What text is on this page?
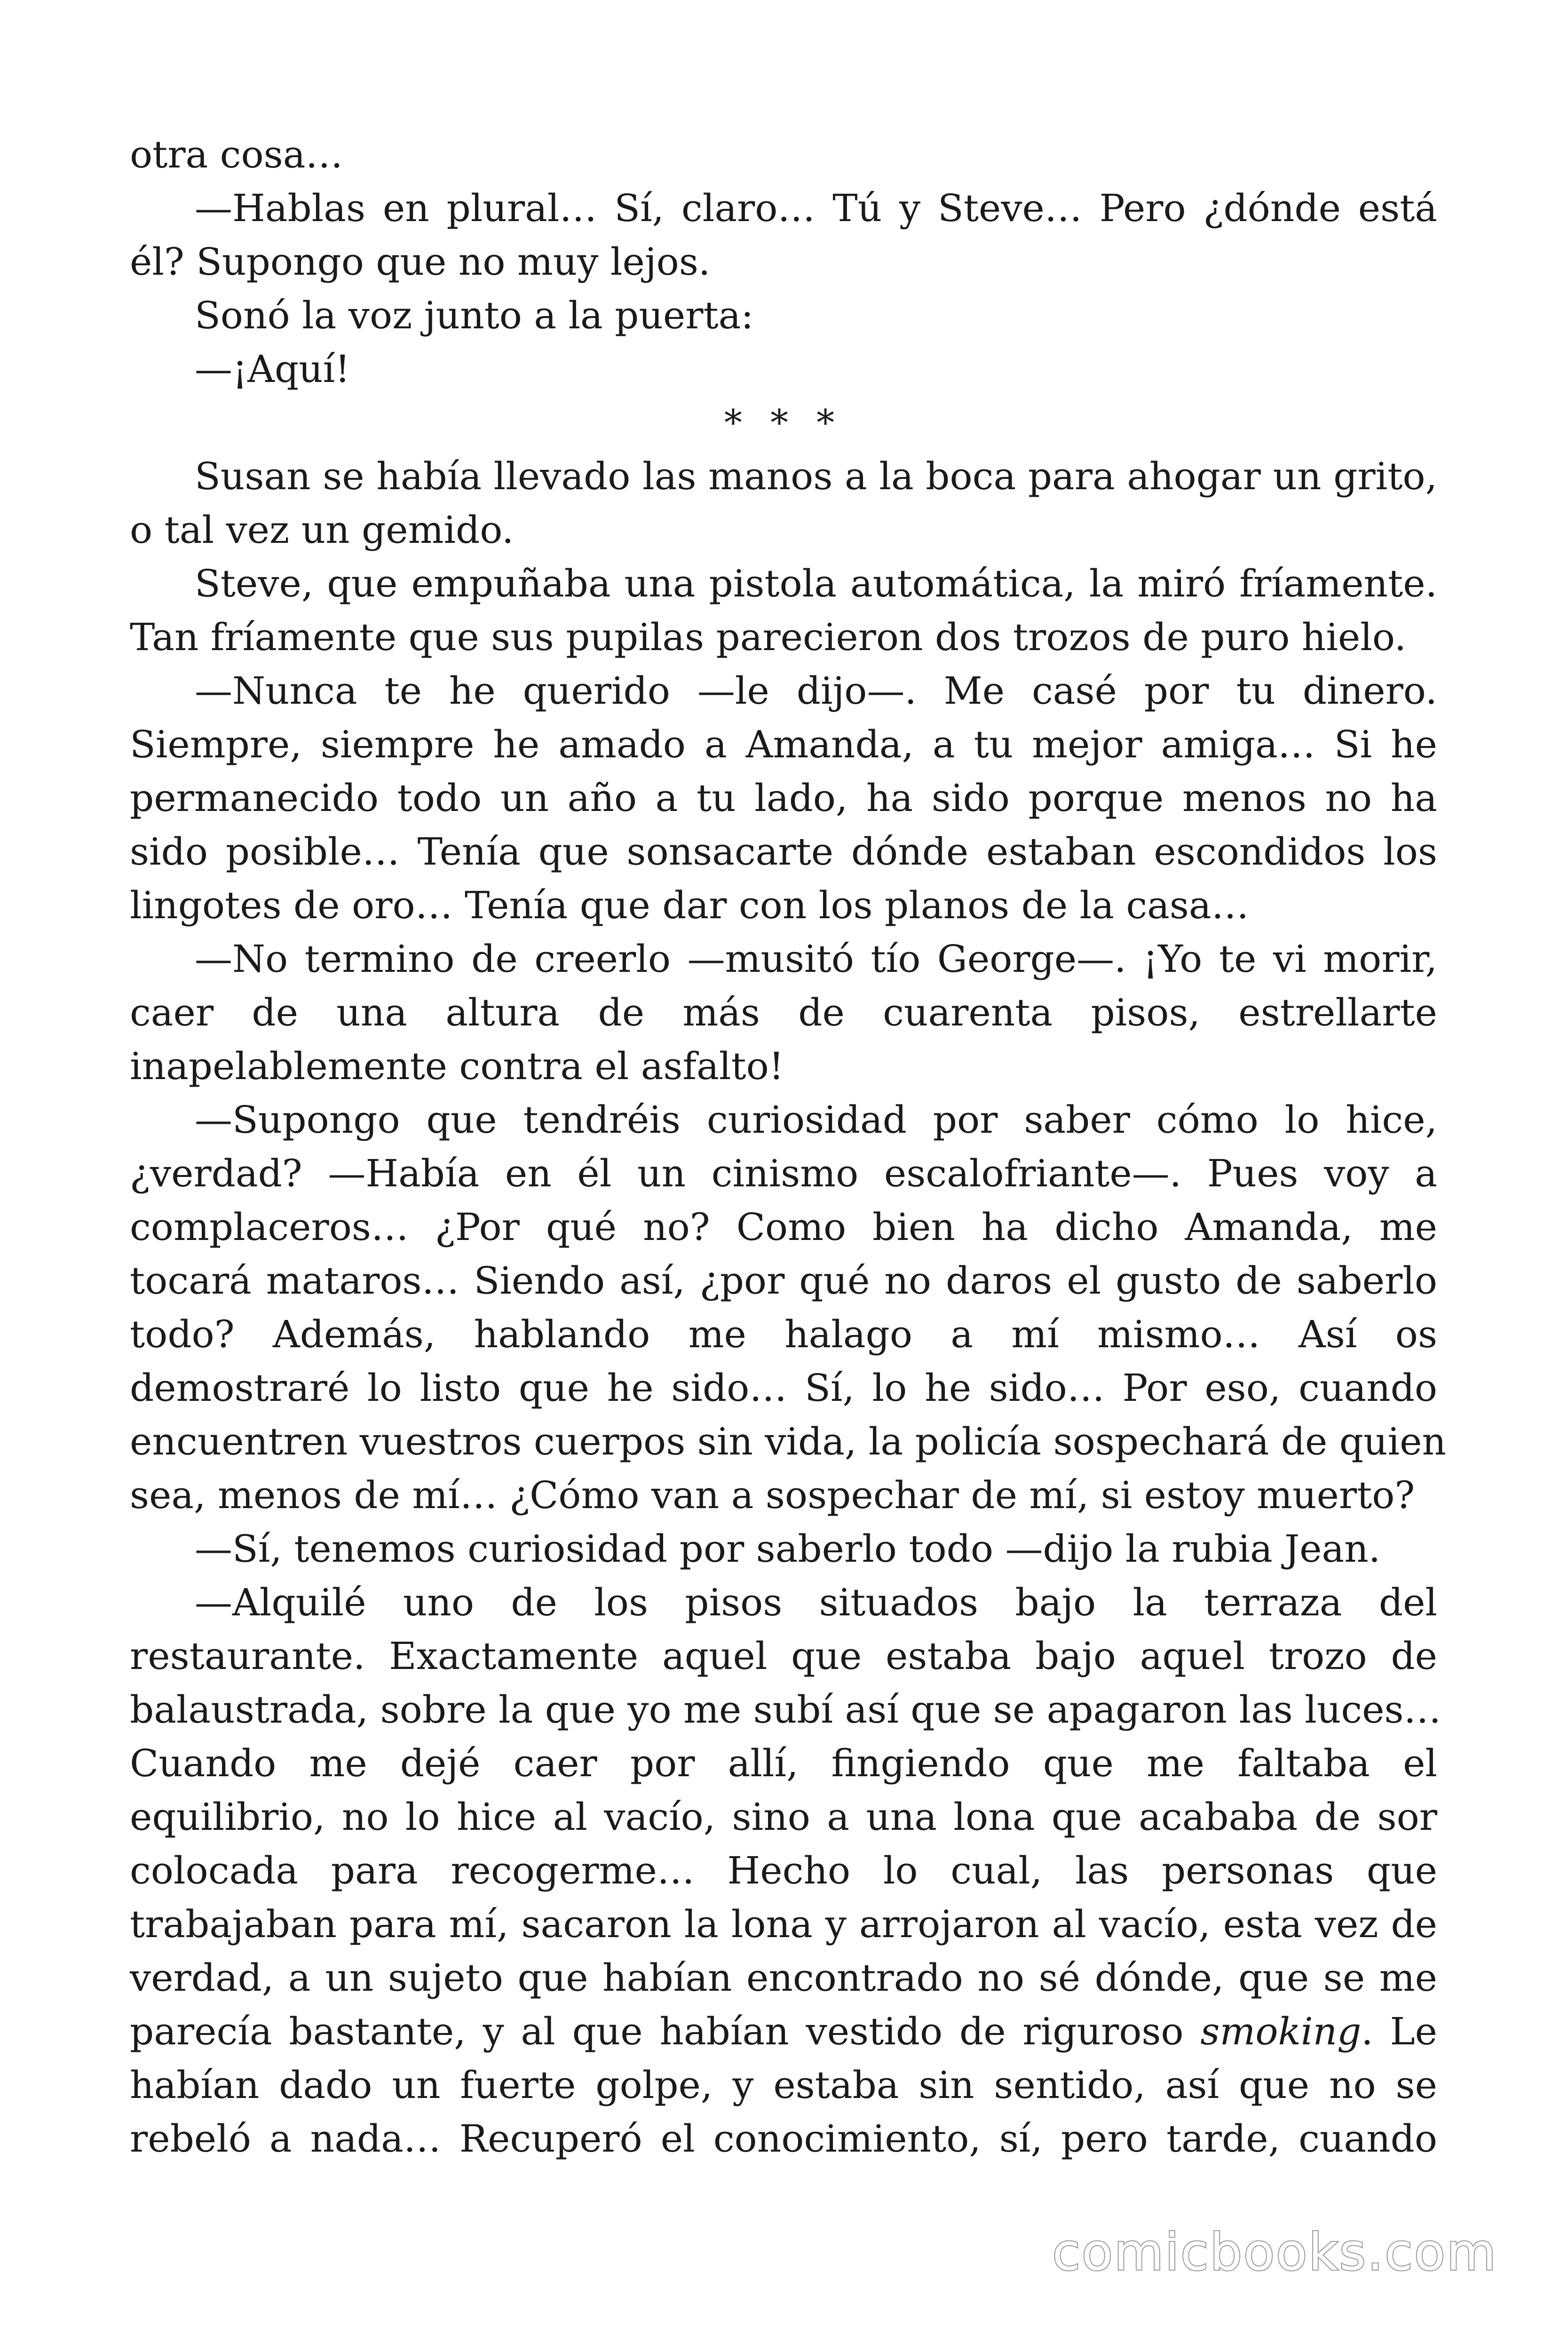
otra cosa…
—Hablas en plural… Sí, claro… Tú y Steve… Pero ¿dónde está
él? Supongo que no muy lejos.
Sonó la voz junto a la puerta:
—¡Aquí!
* * *
Susan se había llevado las manos a la boca para ahogar un grito,
o tal vez un gemido.
Steve, que empuñaba una pistola automática, la miró fríamente.
Tan fríamente que sus pupilas parecieron dos trozos de puro hielo.
—Nunca te he querido —le dijo—. Me casé por tu dinero.
Siempre, siempre he amado a Amanda, a tu mejor amiga… Si he
permanecido todo un año a tu lado, ha sido porque menos no ha
sido posible… Tenía que sonsacarte dónde estaban escondidos los
lingotes de oro… Tenía que dar con los planos de la casa…
—No termino de creerlo —musitó tío George—. ¡Yo te vi morir,
caer de una altura de más de cuarenta pisos, estrellarte
inapelablemente contra el asfalto!
—Supongo que tendréis curiosidad por saber cómo lo hice,
¿verdad? —Había en él un cinismo escalofriante—. Pues voy a
complaceros… ¿Por qué no? Como bien ha dicho Amanda, me
tocará mataros… Siendo así, ¿por qué no daros el gusto de saberlo
todo? Además, hablando me halago a mí mismo… Así os
demostraré lo listo que he sido… Sí, lo he sido… Por eso, cuando
encuentren vuestros cuerpos sin vida, la policía sospechará de quien
sea, menos de mí… ¿Cómo van a sospechar de mí, si estoy muerto?
—Sí, tenemos curiosidad por saberlo todo —dijo la rubia Jean.
—Alquilé uno de los pisos situados bajo la terraza del
restaurante. Exactamente aquel que estaba bajo aquel trozo de
balaustrada, sobre la que yo me subí así que se apagaron las luces…
Cuando me dejé caer por allí, fingiendo que me faltaba el
equilibrio, no lo hice al vacío, sino a una lona que acababa de sor
colocada para recogerme… Hecho lo cual, las personas que
trabajaban para mí, sacaron la lona y arrojaron al vacío, esta vez de
verdad, a un sujeto que habían encontrado no sé dónde, que se me
parecía bastante, y al que habían vestido de riguroso smoking. Le
habían dado un fuerte golpe, y estaba sin sentido, así que no se
rebeló a nada… Recuperó el conocimiento, sí, pero tarde, cuando
comicbooks.com
